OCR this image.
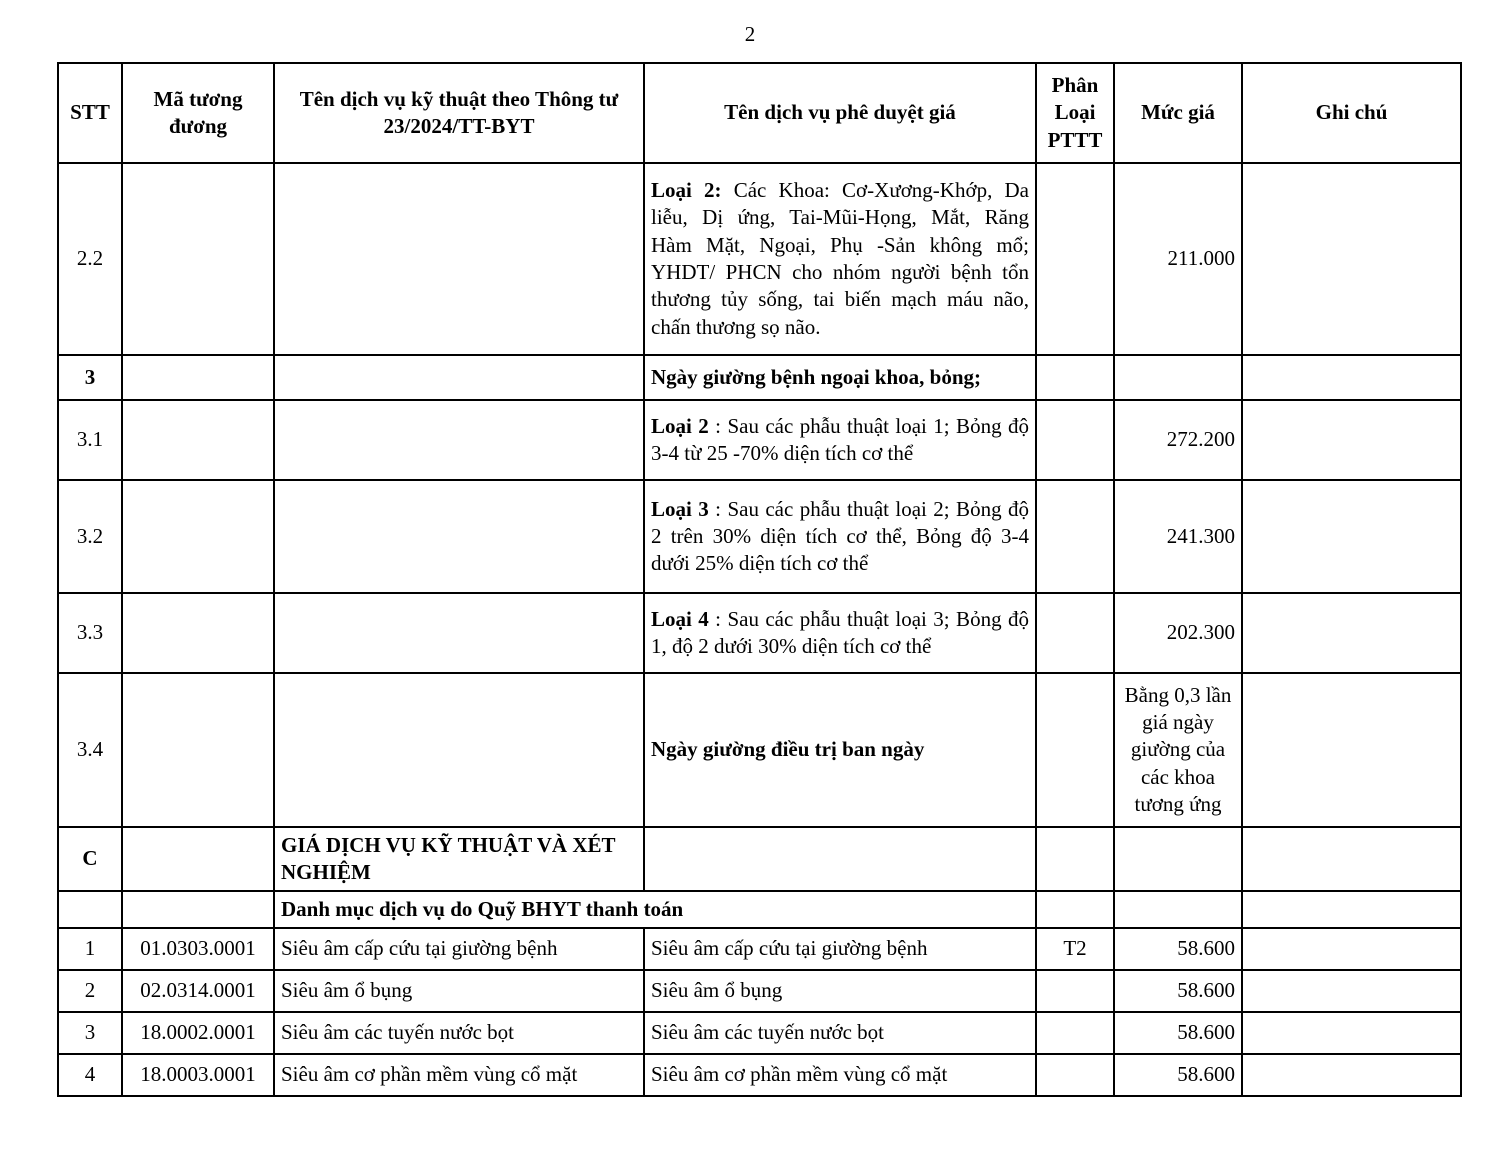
2
STT	Mã tương đương	Tên dịch vụ kỹ thuật theo Thông tư 23/2024/TT-BYT	Tên dịch vụ phê duyệt giá	Phân Loại PTTT	Mức giá	Ghi chú
2.2			Loại 2: Các Khoa: Cơ-Xương-Khớp, Da liễu, Dị ứng, Tai-Mũi-Họng, Mắt, Răng Hàm Mặt, Ngoại, Phụ -Sản không mổ; YHDT/ PHCN cho nhóm người bệnh tổn thương tủy sống, tai biến mạch máu não, chấn thương sọ não.		211.000	
3			Ngày giường bệnh ngoại khoa, bỏng;			
3.1			Loại 2 : Sau các phẫu thuật loại 1; Bỏng độ 3-4 từ 25 -70% diện tích cơ thể		272.200	
3.2			Loại 3 : Sau các phẫu thuật loại 2; Bỏng độ 2 trên 30% diện tích cơ thể, Bỏng độ 3-4 dưới 25% diện tích cơ thể		241.300	
3.3			Loại 4 : Sau các phẫu thuật loại 3; Bỏng độ 1, độ 2 dưới 30% diện tích cơ thể		202.300	
3.4			Ngày giường điều trị ban ngày		Bằng 0,3 lần giá ngày giường của các khoa tương ứng	
C		GIÁ DỊCH VỤ KỸ THUẬT VÀ XÉT NGHIỆM				
		Danh mục dịch vụ do Quỹ BHYT thanh toán				
1	01.0303.0001	Siêu âm cấp cứu tại giường bệnh	Siêu âm cấp cứu tại giường bệnh	T2	58.600	
2	02.0314.0001	Siêu âm ổ bụng	Siêu âm ổ bụng		58.600	
3	18.0002.0001	Siêu âm các tuyến nước bọt	Siêu âm các tuyến nước bọt		58.600	
4	18.0003.0001	Siêu âm cơ phần mềm vùng cổ mặt	Siêu âm cơ phần mềm vùng cổ mặt		58.600	
